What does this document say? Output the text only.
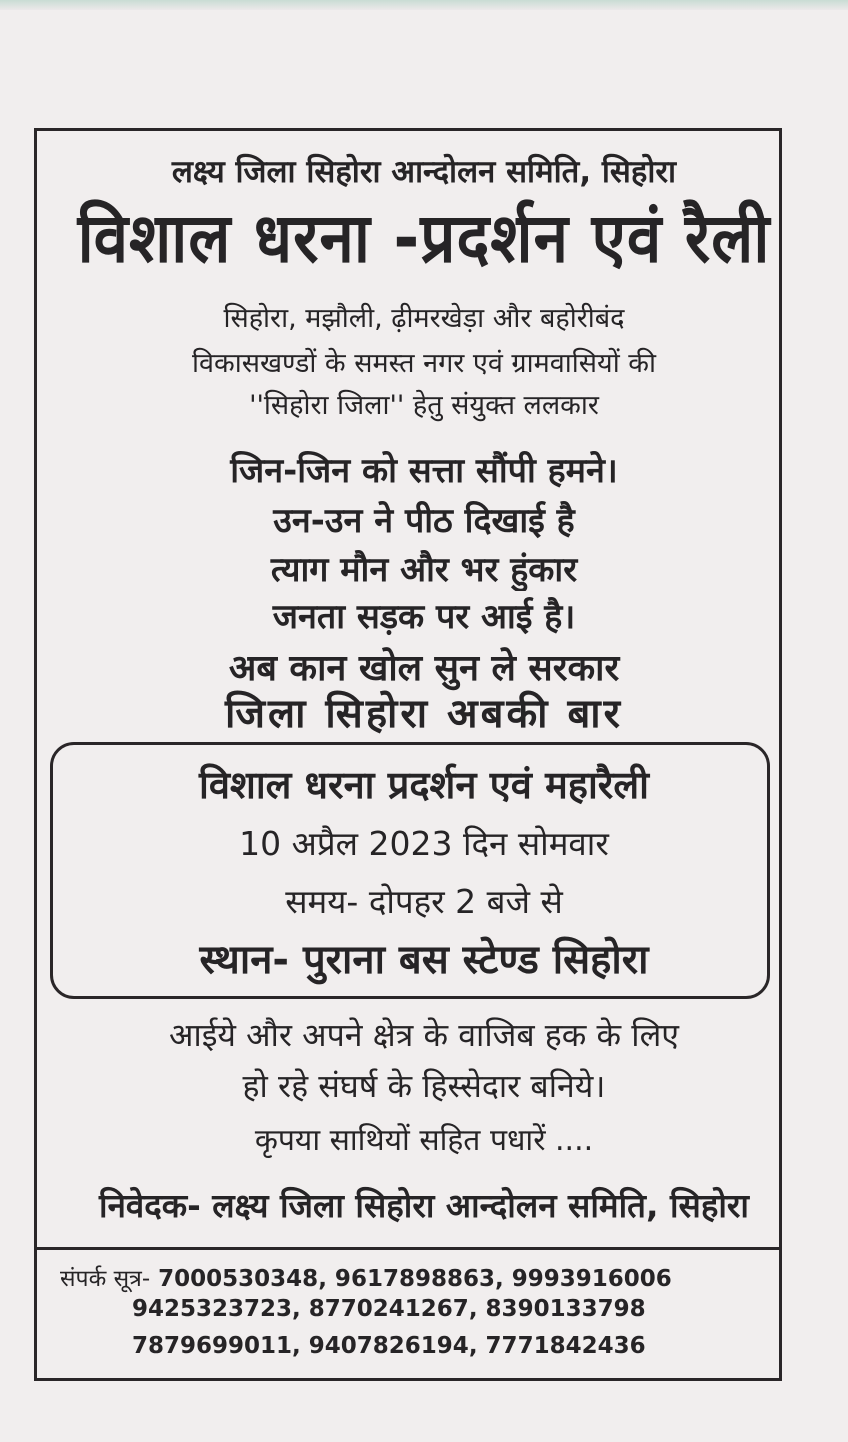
लक्ष्य जिला सिहोरा आन्दोलन समिति, सिहोरा
विशाल धरना -प्रदर्शन एवं रैली
सिहोरा, मझौली, ढ़ीमरखेड़ा और बहोरीबंद
विकासखण्डों के समस्त नगर एवं ग्रामवासियों की
''सिहोरा जिला'' हेतु संयुक्त ललकार
जिन-जिन को सत्ता सौंपी हमने।
उन-उन ने पीठ दिखाई है
त्याग मौन और भर हुंकार
जनता सड़क पर आई है।
अब कान खोल सुन ले सरकार
जिला सिहोरा अबकी बार
विशाल धरना प्रदर्शन एवं महारैली
10 अप्रैल 2023 दिन सोमवार
समय- दोपहर 2 बजे से
स्थान- पुराना बस स्टेण्ड सिहोरा
आईये और अपने क्षेत्र के वाजिब हक के लिए
हो रहे संघर्ष के हिस्सेदार बनिये।
कृपया साथियों सहित पधारें ....
निवेदक- लक्ष्य जिला सिहोरा आन्दोलन समिति, सिहोरा
संपर्क सूत्र- 7000530348, 9617898863, 9993916006
9425323723, 8770241267, 8390133798
7879699011, 9407826194, 7771842436
